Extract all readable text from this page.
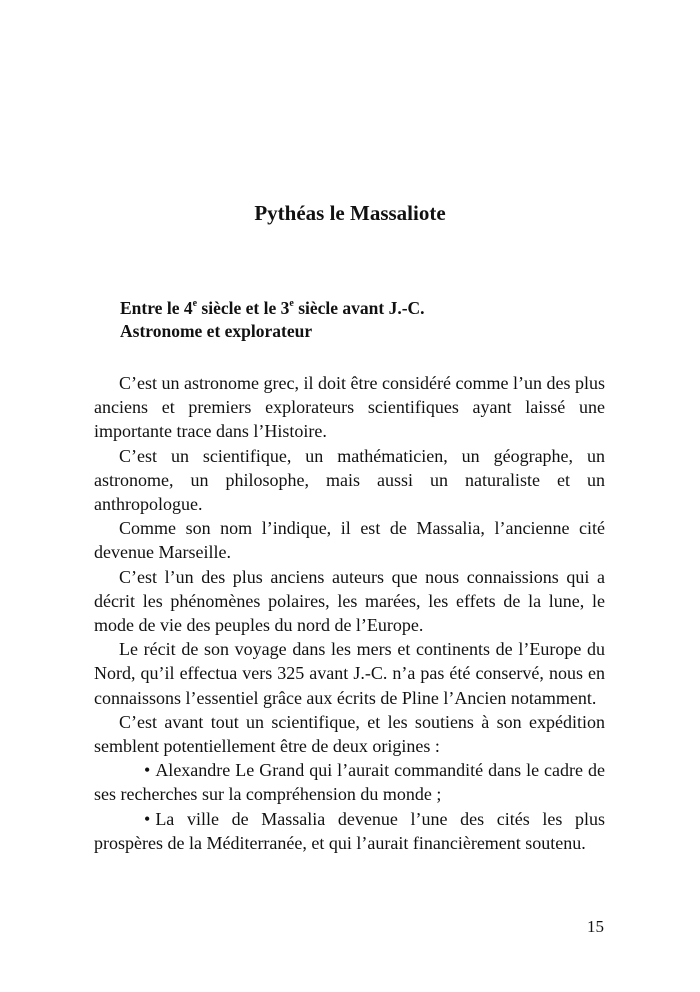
Pythéas le Massaliote
Entre le 4e siècle et le 3e siècle avant J.-C.
Astronome et explorateur

C’est un astronome grec, il doit être considéré comme l’un des plus anciens et premiers explorateurs scientifiques ayant laissé une importante trace dans l’Histoire.

C’est un scientifique, un mathématicien, un géographe, un astronome, un philosophe, mais aussi un naturaliste et un anthropologue.

Comme son nom l’indique, il est de Massalia, l’ancienne cité devenue Marseille.

C’est l’un des plus anciens auteurs que nous connaissions qui a décrit les phénomènes polaires, les marées, les effets de la lune, le mode de vie des peuples du nord de l’Europe.

Le récit de son voyage dans les mers et continents de l’Europe du Nord, qu’il effectua vers 325 avant J.-C. n’a pas été conservé, nous en connaissons l’essentiel grâce aux écrits de Pline l’Ancien notamment.

C’est avant tout un scientifique, et les soutiens à son expédition semblent potentiellement être de deux origines :

• Alexandre Le Grand qui l’aurait commandité dans le cadre de ses recherches sur la compréhension du monde ;

• La ville de Massalia devenue l’une des cités les plus prospères de la Méditerranée, et qui l’aurait financièrement soutenu.

15
